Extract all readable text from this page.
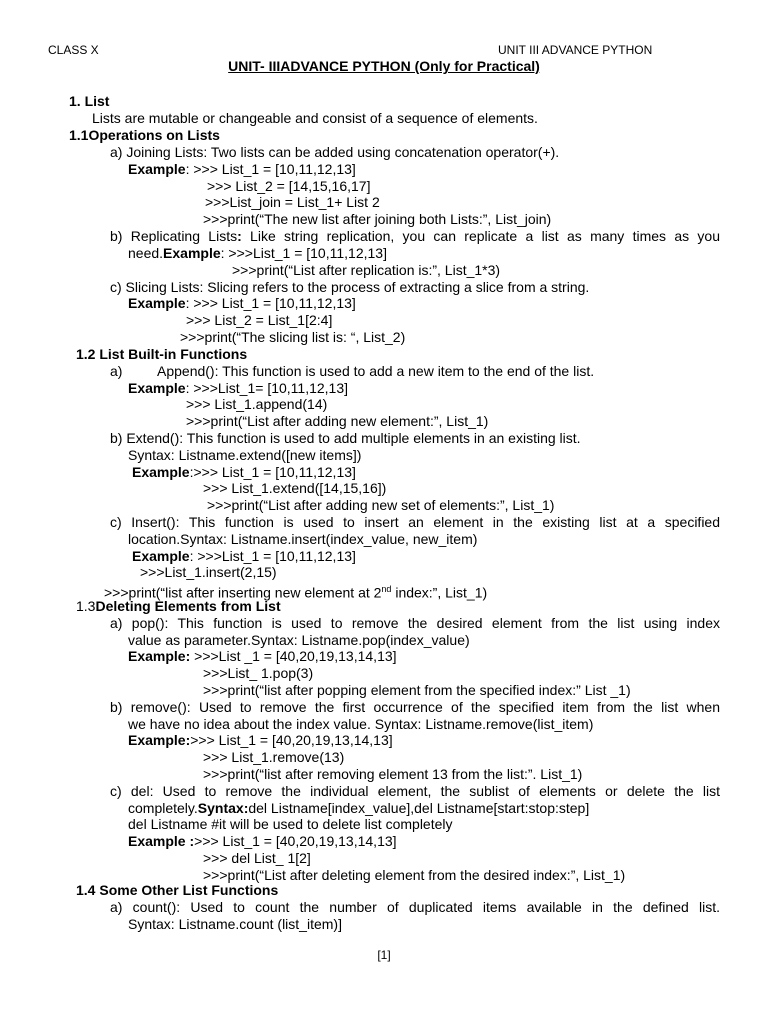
CLASS X	UNIT III ADVANCE PYTHON
UNIT- IIIADVANCE PYTHON (Only for Practical)
1. List
Lists are mutable or changeable and consist of a sequence of elements.
1.1Operations on Lists
a) Joining Lists: Two lists can be added using concatenation operator(+).
Example: >>> List_1 = [10,11,12,13]
>>> List_2 = [14,15,16,17]
>>>List_join = List_1+ List 2
>>>print(“The new list after joining both Lists:”, List_join)
b) Replicating Lists: Like string replication, you can replicate a list as many times as you
need.Example: >>>List_1 = [10,11,12,13]
>>>print(“List after replication is:”, List_1*3)
c) Slicing Lists: Slicing refers to the process of extracting a slice from a string.
Example: >>> List_1 = [10,11,12,13]
>>> List_2 = List_1[2:4]
>>>print(“The slicing list is: “, List_2)
1.2 List Built-in Functions
a) Append(): This function is used to add a new item to the end of the list.
Example: >>>List_1= [10,11,12,13]
>>> List_1.append(14)
>>>print(“List after adding new element:”, List_1)
b) Extend(): This function is used to add multiple elements in an existing list.
Syntax: Listname.extend([new items])
Example:>>> List_1 = [10,11,12,13]
>>> List_1.extend([14,15,16])
>>>print(“List after adding new set of elements:”, List_1)
c) Insert(): This function is used to insert an element in the existing list at a specified
location.Syntax: Listname.insert(index_value, new_item)
Example: >>>List_1 = [10,11,12,13]
>>>List_1.insert(2,15)
>>>print(“list after inserting new element at 2nd index:”, List_1)
1.3Deleting Elements from List
a) pop(): This function is used to remove the desired element from the list using index
value as parameter.Syntax: Listname.pop(index_value)
Example: >>>List _1 = [40,20,19,13,14,13]
>>>List_ 1.pop(3)
>>>print(“list after popping element from the specified index:” List _1)
b) remove(): Used to remove the first occurrence of the specified item from the list when
we have no idea about the index value. Syntax: Listname.remove(list_item)
Example:>>> List_1 = [40,20,19,13,14,13]
>>> List_1.remove(13)
>>>print(“list after removing element 13 from the list:”. List_1)
c) del: Used to remove the individual element, the sublist of elements or delete the list
completely.Syntax:del Listname[index_value],del Listname[start:stop:step]
del Listname #it will be used to delete list completely
Example :>>> List_1 = [40,20,19,13,14,13]
>>> del List_ 1[2]
>>>print(“List after deleting element from the desired index:”, List_1)
1.4 Some Other List Functions
a) count(): Used to count the number of duplicated items available in the defined list.
Syntax: Listname.count (list_item)]
[1]
